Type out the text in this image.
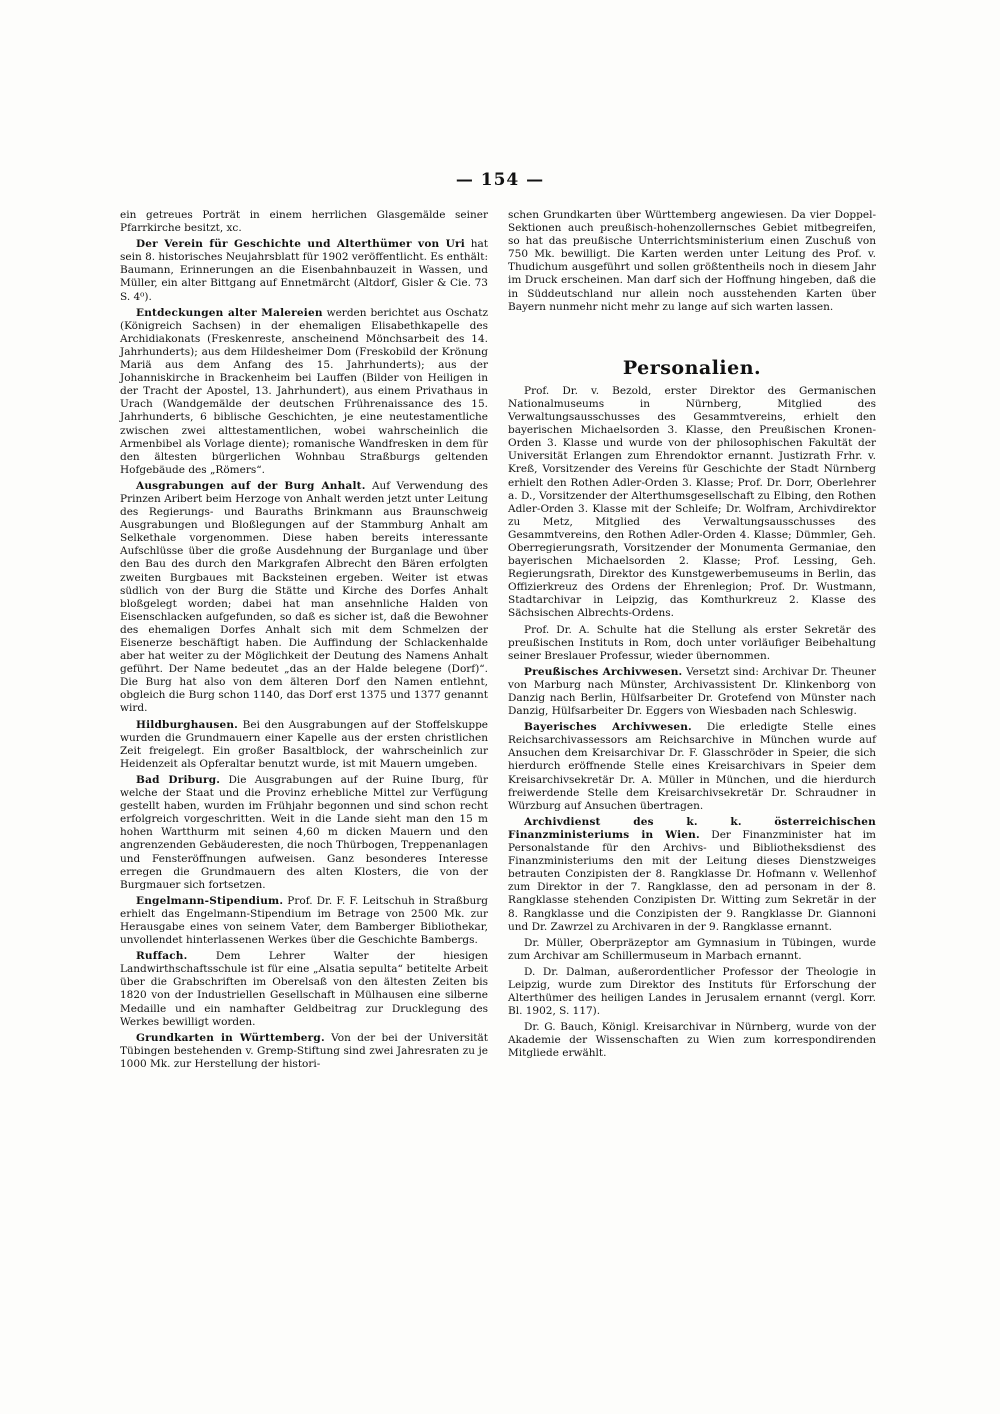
— 154 —

ein getreues Porträt in einem herrlichen Glasgemälde seiner Pfarrkirche besitzt, xc.

Der Verein für Geschichte und Alterthümer von Uri hat sein 8. historisches Neujahrsblatt für 1902 veröffentlicht. Es enthält: Baumann, Erinnerungen an die Eisenbahnbauzeit in Wassen, und Müller, ein alter Bittgang auf Ennetmärcht (Altdorf, Gisler & Cie. 73 S. 4⁰).

Entdeckungen alter Malereien werden berichtet aus Oschatz (Königreich Sachsen) in der ehemaligen Elisabethkapelle des Archidiakonats (Freskenreste, anscheinend Mönchsarbeit des 14. Jahrhunderts); aus dem Hildesheimer Dom (Freskobild der Krönung Mariä aus dem Anfang des 15. Jahrhunderts); aus der Johanniskirche in Brackenheim bei Lauffen (Bilder von Heiligen in der Tracht der Apostel, 13. Jahrhundert), aus einem Privathaus in Urach (Wandgemälde der deutschen Frührenaissance des 15. Jahrhunderts, 6 biblische Geschichten, je eine neutestamentliche zwischen zwei alttestamentlichen, wobei wahrscheinlich die Armenbibel als Vorlage diente); romanische Wandfresken in dem für den ältesten bürgerlichen Wohnbau Straßburgs geltenden Hofgebäude des „Römers“.

Ausgrabungen auf der Burg Anhalt. Auf Verwendung des Prinzen Aribert beim Herzoge von Anhalt werden jetzt unter Leitung des Regierungs- und Bauraths Brinkmann aus Braunschweig Ausgrabungen und Bloßlegungen auf der Stammburg Anhalt am Selkethale vorgenommen. Diese haben bereits interessante Aufschlüsse über die große Ausdehnung der Burganlage und über den Bau des durch den Markgrafen Albrecht den Bären erfolgten zweiten Burgbaues mit Backsteinen ergeben. Weiter ist etwas südlich von der Burg die Stätte und Kirche des Dorfes Anhalt bloßgelegt worden; dabei hat man ansehnliche Halden von Eisenschlacken aufgefunden, so daß es sicher ist, daß die Bewohner des ehemaligen Dorfes Anhalt sich mit dem Schmelzen der Eisenerze beschäftigt haben. Die Auffindung der Schlackenhalde aber hat weiter zu der Möglichkeit der Deutung des Namens Anhalt geführt. Der Name bedeutet „das an der Halde belegene (Dorf)“. Die Burg hat also von dem älteren Dorf den Namen entlehnt, obgleich die Burg schon 1140, das Dorf erst 1375 und 1377 genannt wird.

Hildburghausen. Bei den Ausgrabungen auf der Stoffelskuppe wurden die Grundmauern einer Kapelle aus der ersten christlichen Zeit freigelegt. Ein großer Basaltblock, der wahrscheinlich zur Heidenzeit als Opferaltar benutzt wurde, ist mit Mauern umgeben.

Bad Driburg. Die Ausgrabungen auf der Ruine Iburg, für welche der Staat und die Provinz erhebliche Mittel zur Verfügung gestellt haben, wurden im Frühjahr begonnen und sind schon recht erfolgreich vorgeschritten. Weit in die Lande sieht man den 15 m hohen Wartthurm mit seinen 4,60 m dicken Mauern und den angrenzenden Gebäuderesten, die noch Thürbogen, Treppenanlagen und Fensteröffnungen aufweisen. Ganz besonderes Interesse erregen die Grundmauern des alten Klosters, die von der Burgmauer sich fortsetzen.

Engelmann-Stipendium. Prof. Dr. F. F. Leitschuh in Straßburg erhielt das Engelmann-Stipendium im Betrage von 2500 Mk. zur Herausgabe eines von seinem Vater, dem Bamberger Bibliothekar, unvollendet hinterlassenen Werkes über die Geschichte Bambergs.

Ruffach.	Dem Lehrer Walter der hiesigen Landwirthschaftsschule ist für eine „Alsatia sepulta“ betitelte Arbeit über die Grabschriften im Oberelsaß von den ältesten Zeiten bis 1820 von der Industriellen Gesellschaft in Mülhausen eine silberne Medaille und ein namhafter Geldbeitrag zur Drucklegung des Werkes bewilligt worden.

Grundkarten in Württemberg. Von der bei der Universität Tübingen bestehenden v. Gremp-Stiftung sind zwei Jahresraten zu je 1000 Mk. zur Herstellung der histori-

schen Grundkarten über Württemberg angewiesen. Da vier Doppel-Sektionen auch preußisch-hohenzollernsches Gebiet mitbegreifen, so hat das preußische Unterrichtsministerium einen Zuschuß von 750 Mk. bewilligt. Die Karten werden unter Leitung des Prof. v. Thudichum ausgeführt und sollen größtentheils noch in diesem Jahr im Druck erscheinen. Man darf sich der Hoffnung hingeben, daß die in Süddeutschland nur allein noch ausstehenden Karten über Bayern nunmehr nicht mehr zu lange auf sich warten lassen.

Personalien.

Prof. Dr. v. Bezold, erster Direktor des Germanischen Nationalmuseums in Nürnberg, Mitglied des Verwaltungsausschusses des Gesammtvereins, erhielt den bayerischen Michaelsorden 3. Klasse, den Preußischen Kronen-Orden 3. Klasse und wurde von der philosophischen Fakultät der Universität Erlangen zum Ehrendoktor ernannt. Justizrath Frhr. v. Kreß, Vorsitzender des Vereins für Geschichte der Stadt Nürnberg erhielt den Rothen Adler-Orden 3. Klasse; Prof. Dr. Dorr, Oberlehrer a. D., Vorsitzender der Alterthumsgesellschaft zu Elbing, den Rothen Adler-Orden 3. Klasse mit der Schleife; Dr. Wolfram, Archivdirektor zu Metz, Mitglied des Verwaltungsausschusses des Gesammtvereins, den Rothen Adler-Orden 4. Klasse; Dümmler, Geh. Oberregierungsrath, Vorsitzender der Monumenta Germaniae, den bayerischen Michaelsorden 2. Klasse; Prof. Lessing, Geh. Regierungsrath, Direktor des Kunstgewerbemuseums in Berlin, das Offizierkreuz des Ordens der Ehrenlegion; Prof. Dr. Wustmann, Stadtarchivar in Leipzig, das Komthurkreuz 2. Klasse des Sächsischen Albrechts-Ordens.

Prof. Dr. A. Schulte hat die Stellung als erster Sekretär des preußischen Instituts in Rom, doch unter vorläufiger Beibehaltung seiner Breslauer Professur, wieder übernommen.

Preußisches Archivwesen. Versetzt sind: Archivar Dr. Theuner von Marburg nach Münster, Archivassistent Dr. Klinkenborg von Danzig nach Berlin, Hülfsarbeiter Dr. Grotefend von Münster nach Danzig, Hülfsarbeiter Dr. Eggers von Wiesbaden nach Schleswig.

Bayerisches Archivwesen. Die erledigte Stelle eines Reichsarchivassessors am Reichsarchive in München wurde auf Ansuchen dem Kreisarchivar Dr. F. Glasschröder in Speier, die sich hierdurch eröffnende Stelle eines Kreisarchivars in Speier dem Kreisarchivsekretär Dr. A. Müller in München, und die hierdurch freiwerdende Stelle dem Kreisarchivsekretär Dr. Schraudner in Würzburg auf Ansuchen übertragen.

Archivdienst des k. k. österreichischen Finanzministeriums in Wien. Der Finanzminister hat im Personalstande für den Archivs- und Bibliotheksdienst des Finanzministeriums den mit der Leitung dieses Dienstzweiges betrauten Conzipisten der 8. Rangklasse Dr. Hofmann v. Wellenhof zum Direktor in der 7. Rangklasse, den ad personam in der 8. Rangklasse stehenden Conzipisten Dr. Witting zum Sekretär in der 8. Rangklasse und die Conzipisten der 9. Rangklasse Dr. Giannoni und Dr. Zawrzel zu Archivaren in der 9. Rangklasse ernannt.

Dr. Müller, Oberpräzeptor am Gymnasium in Tübingen, wurde zum Archivar am Schillermuseum in Marbach ernannt.

D. Dr. Dalman, außerordentlicher Professor der Theologie in Leipzig, wurde zum Direktor des Instituts für Erforschung der Alterthümer des heiligen Landes in Jerusalem ernannt (vergl. Korr. Bl. 1902, S. 117).

Dr. G. Bauch, Königl. Kreisarchivar in Nürnberg, wurde von der Akademie der Wissenschaften zu Wien zum korrespondirenden Mitgliede erwählt.
